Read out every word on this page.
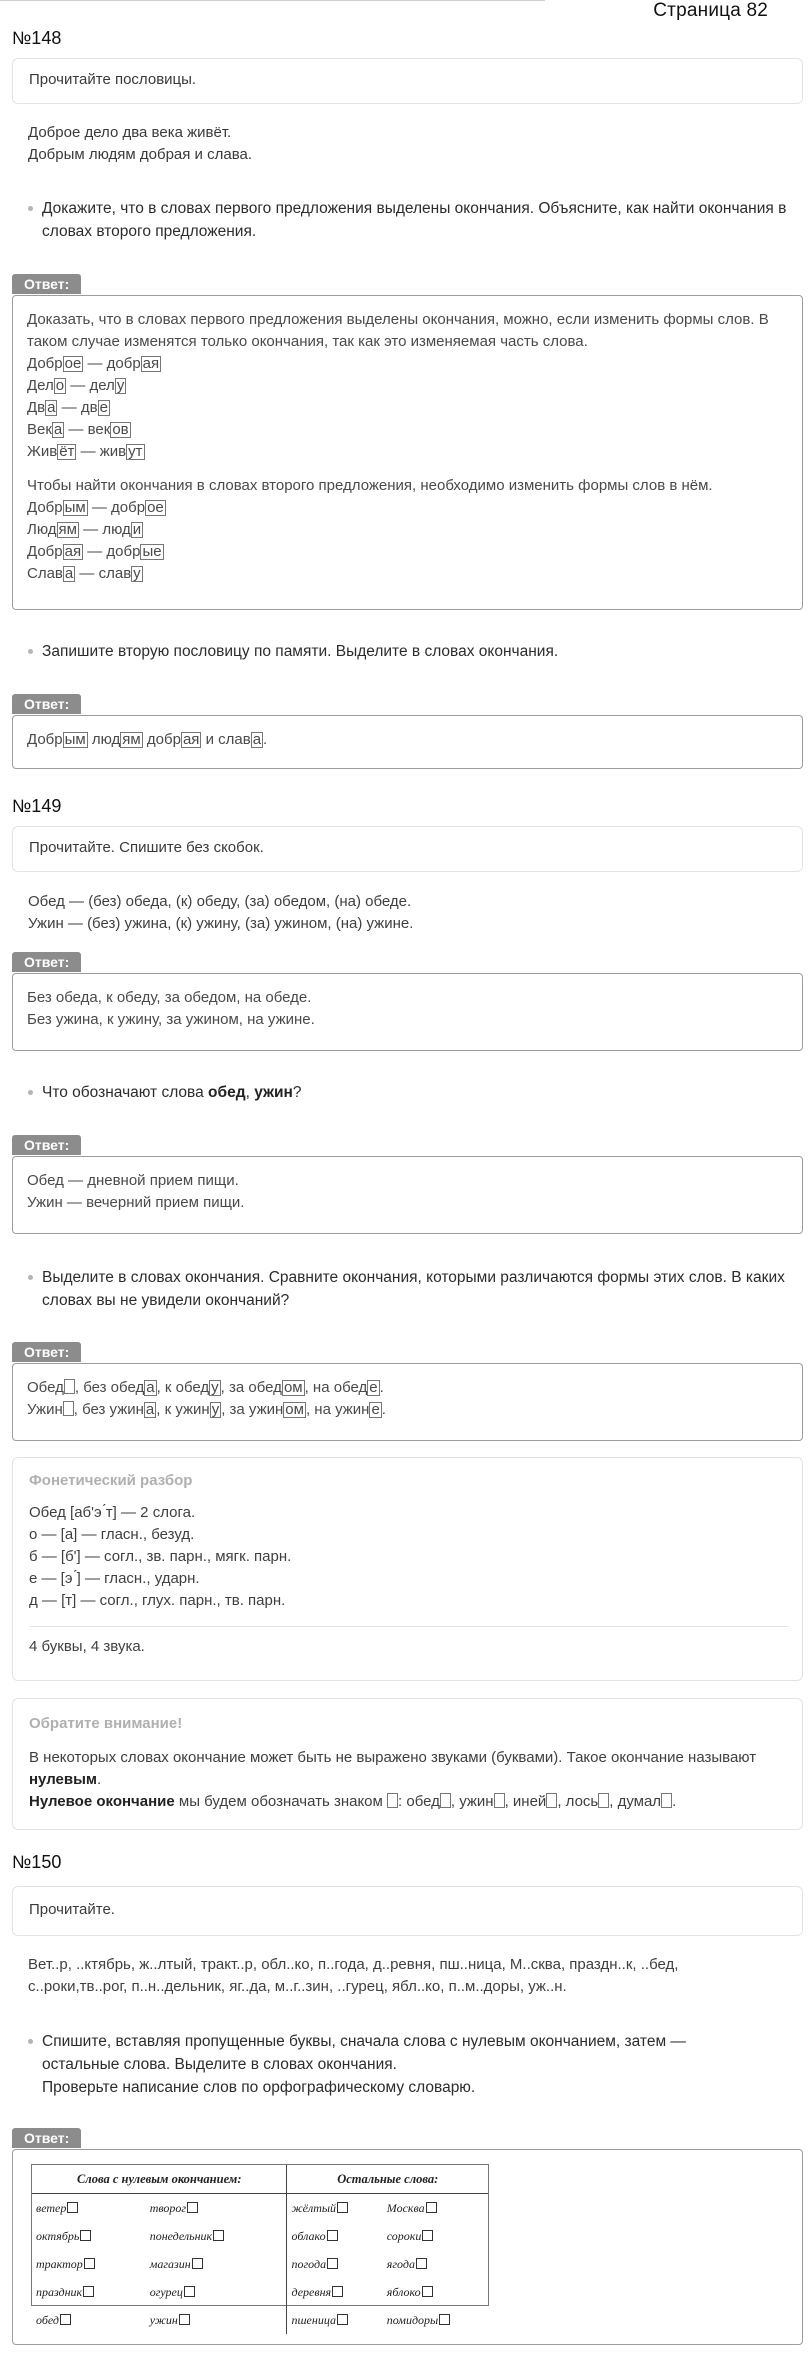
Страница 82
№148
Прочитайте пословицы.
Доброе дело два века живёт.
Добрым людям добрая и слава.
Докажите, что в словах первого предложения выделены окончания. Объясните, как найти окончания в словах второго предложения.
Ответ:
Доказать, что в словах первого предложения выделены окончания, можно, если изменить формы слов. В таком случае изменятся только окончания, так как это изменяемая часть слова.
Добр ое — добр ая
Дел о — дел у
Дв а — дв е
Век а — век ов
Жив ёт — жив ут
Чтобы найти окончания в словах второго предложения, необходимо изменить формы слов в нём.
Добр ым — добр ое
Люд ям — люд и
Добр ая — добр ые
Слав а — слав у
Запишите вторую пословицу по памяти. Выделите в словах окончания.
Ответ:
Добр ым люд ям добр ая и слав а .
№149
Прочитайте. Спишите без скобок.
Обед — (без) обеда, (к) обеду, (за) обедом, (на) обеде.
Ужин — (без) ужина, (к) ужину, (за) ужином, (на) ужине.
Ответ:
Без обеда, к обеду, за обедом, на обеде.
Без ужина, к ужину, за ужином, на ужине.
Что обозначают слова обед, ужин?
Ответ:
Обед — дневной прием пищи.
Ужин — вечерний прием пищи.
Выделите в словах окончания. Сравните окончания, которыми различаются формы этих слов. В каких словах вы не увидели окончаний?
Ответ:
Обед , без обед а , к обед у , за обед ом , на обед е .
Ужин , без ужин а , к ужин у , за ужин ом , на ужин е .
Фонетический разбор
Обед [аб'э ́т] — 2 слога.
о — [а] — гласн., безуд.
б — [б'] — согл., зв. парн., мягк. парн.
е — [э ́] — гласн., ударн.
д — [т] — согл., глух. парн., тв. парн.
4 буквы, 4 звука.
Обратите внимание!
В некоторых словах окончание может быть не выражено звуками (буквами). Такое окончание называют нулевым.
Нулевое окончание мы будем обозначать знаком : обед , ужин , иней , лось , думал .
№150
Прочитайте.
Вет..р, ..ктябрь, ж..лтый, тракт..р, обл..ко, п..года, д..ревня, пш..ница, М..сква, праздн..к, ..бед, с..роки,тв..рог, п..н..дельник, яг..да, м..г..зин, ..гурец, ябл..ко, п..м..доры, уж..н.
Спишите, вставляя пропущенные буквы, сначала слова с нулевым окончанием, затем —
остальные слова. Выделите в словах окончания.
Проверьте написание слов по орфографическому словарю.
Ответ:
Слова с нулевым окончанием:		Остальные слова:	
ветер	творог	жёлтый	Москва
октябрь	понедельник	облако	сороки
трактор	магазин	погода	ягода
праздник	огурец	деревня	яблоко
обед	ужин	пшеница	помидоры
